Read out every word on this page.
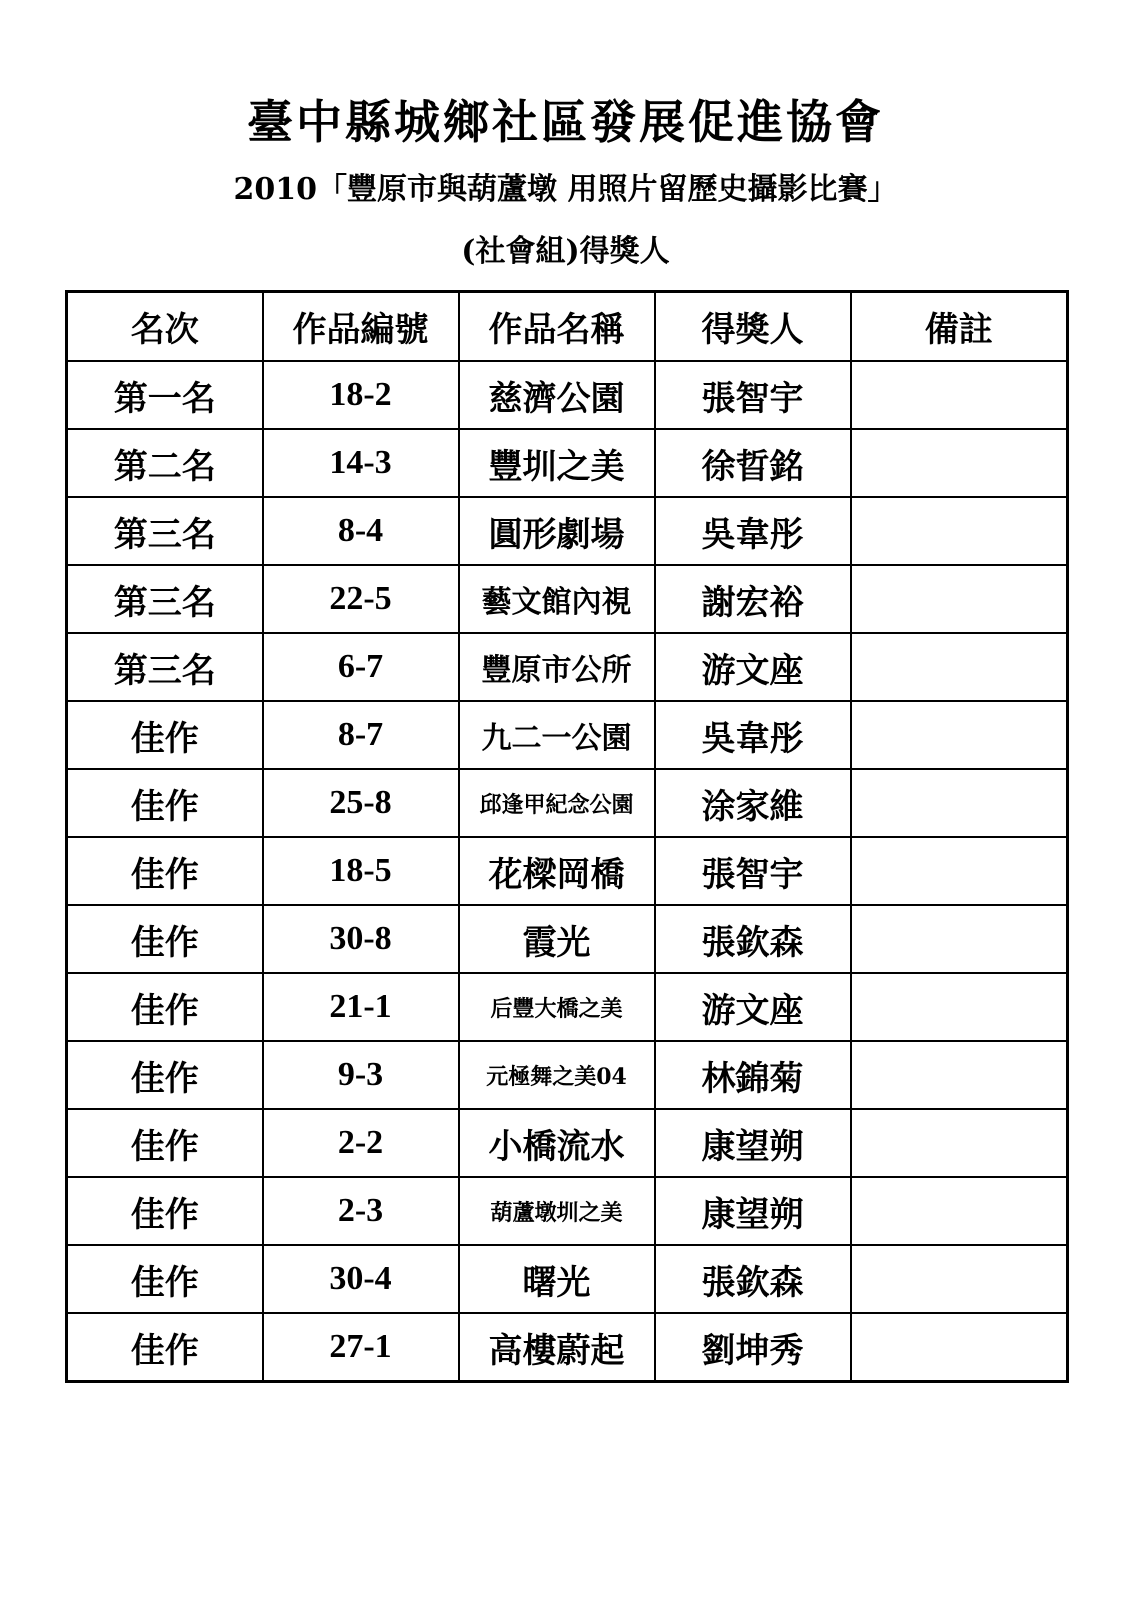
臺中縣城鄉社區發展促進協會
2010「豐原市與葫蘆墩 用照片留歷史攝影比賽」
(社會組)得獎人
名次	作品編號	作品名稱	得獎人	備註
第一名	18-2	慈濟公園	張智宇	
第二名	14-3	豐圳之美	徐晢銘	
第三名	8-4	圓形劇場	吳韋彤	
第三名	22-5	藝文館內視	謝宏裕	
第三名	6-7	豐原市公所	游文座	
佳作	8-7	九二一公園	吳韋彤	
佳作	25-8	邱逢甲紀念公園	涂家維	
佳作	18-5	花樑岡橋	張智宇	
佳作	30-8	霞光	張欽森	
佳作	21-1	后豐大橋之美	游文座	
佳作	9-3	元極舞之美04	林錦菊	
佳作	2-2	小橋流水	康望朔	
佳作	2-3	葫蘆墩圳之美	康望朔	
佳作	30-4	曙光	張欽森	
佳作	27-1	高樓蔚起	劉坤秀	
